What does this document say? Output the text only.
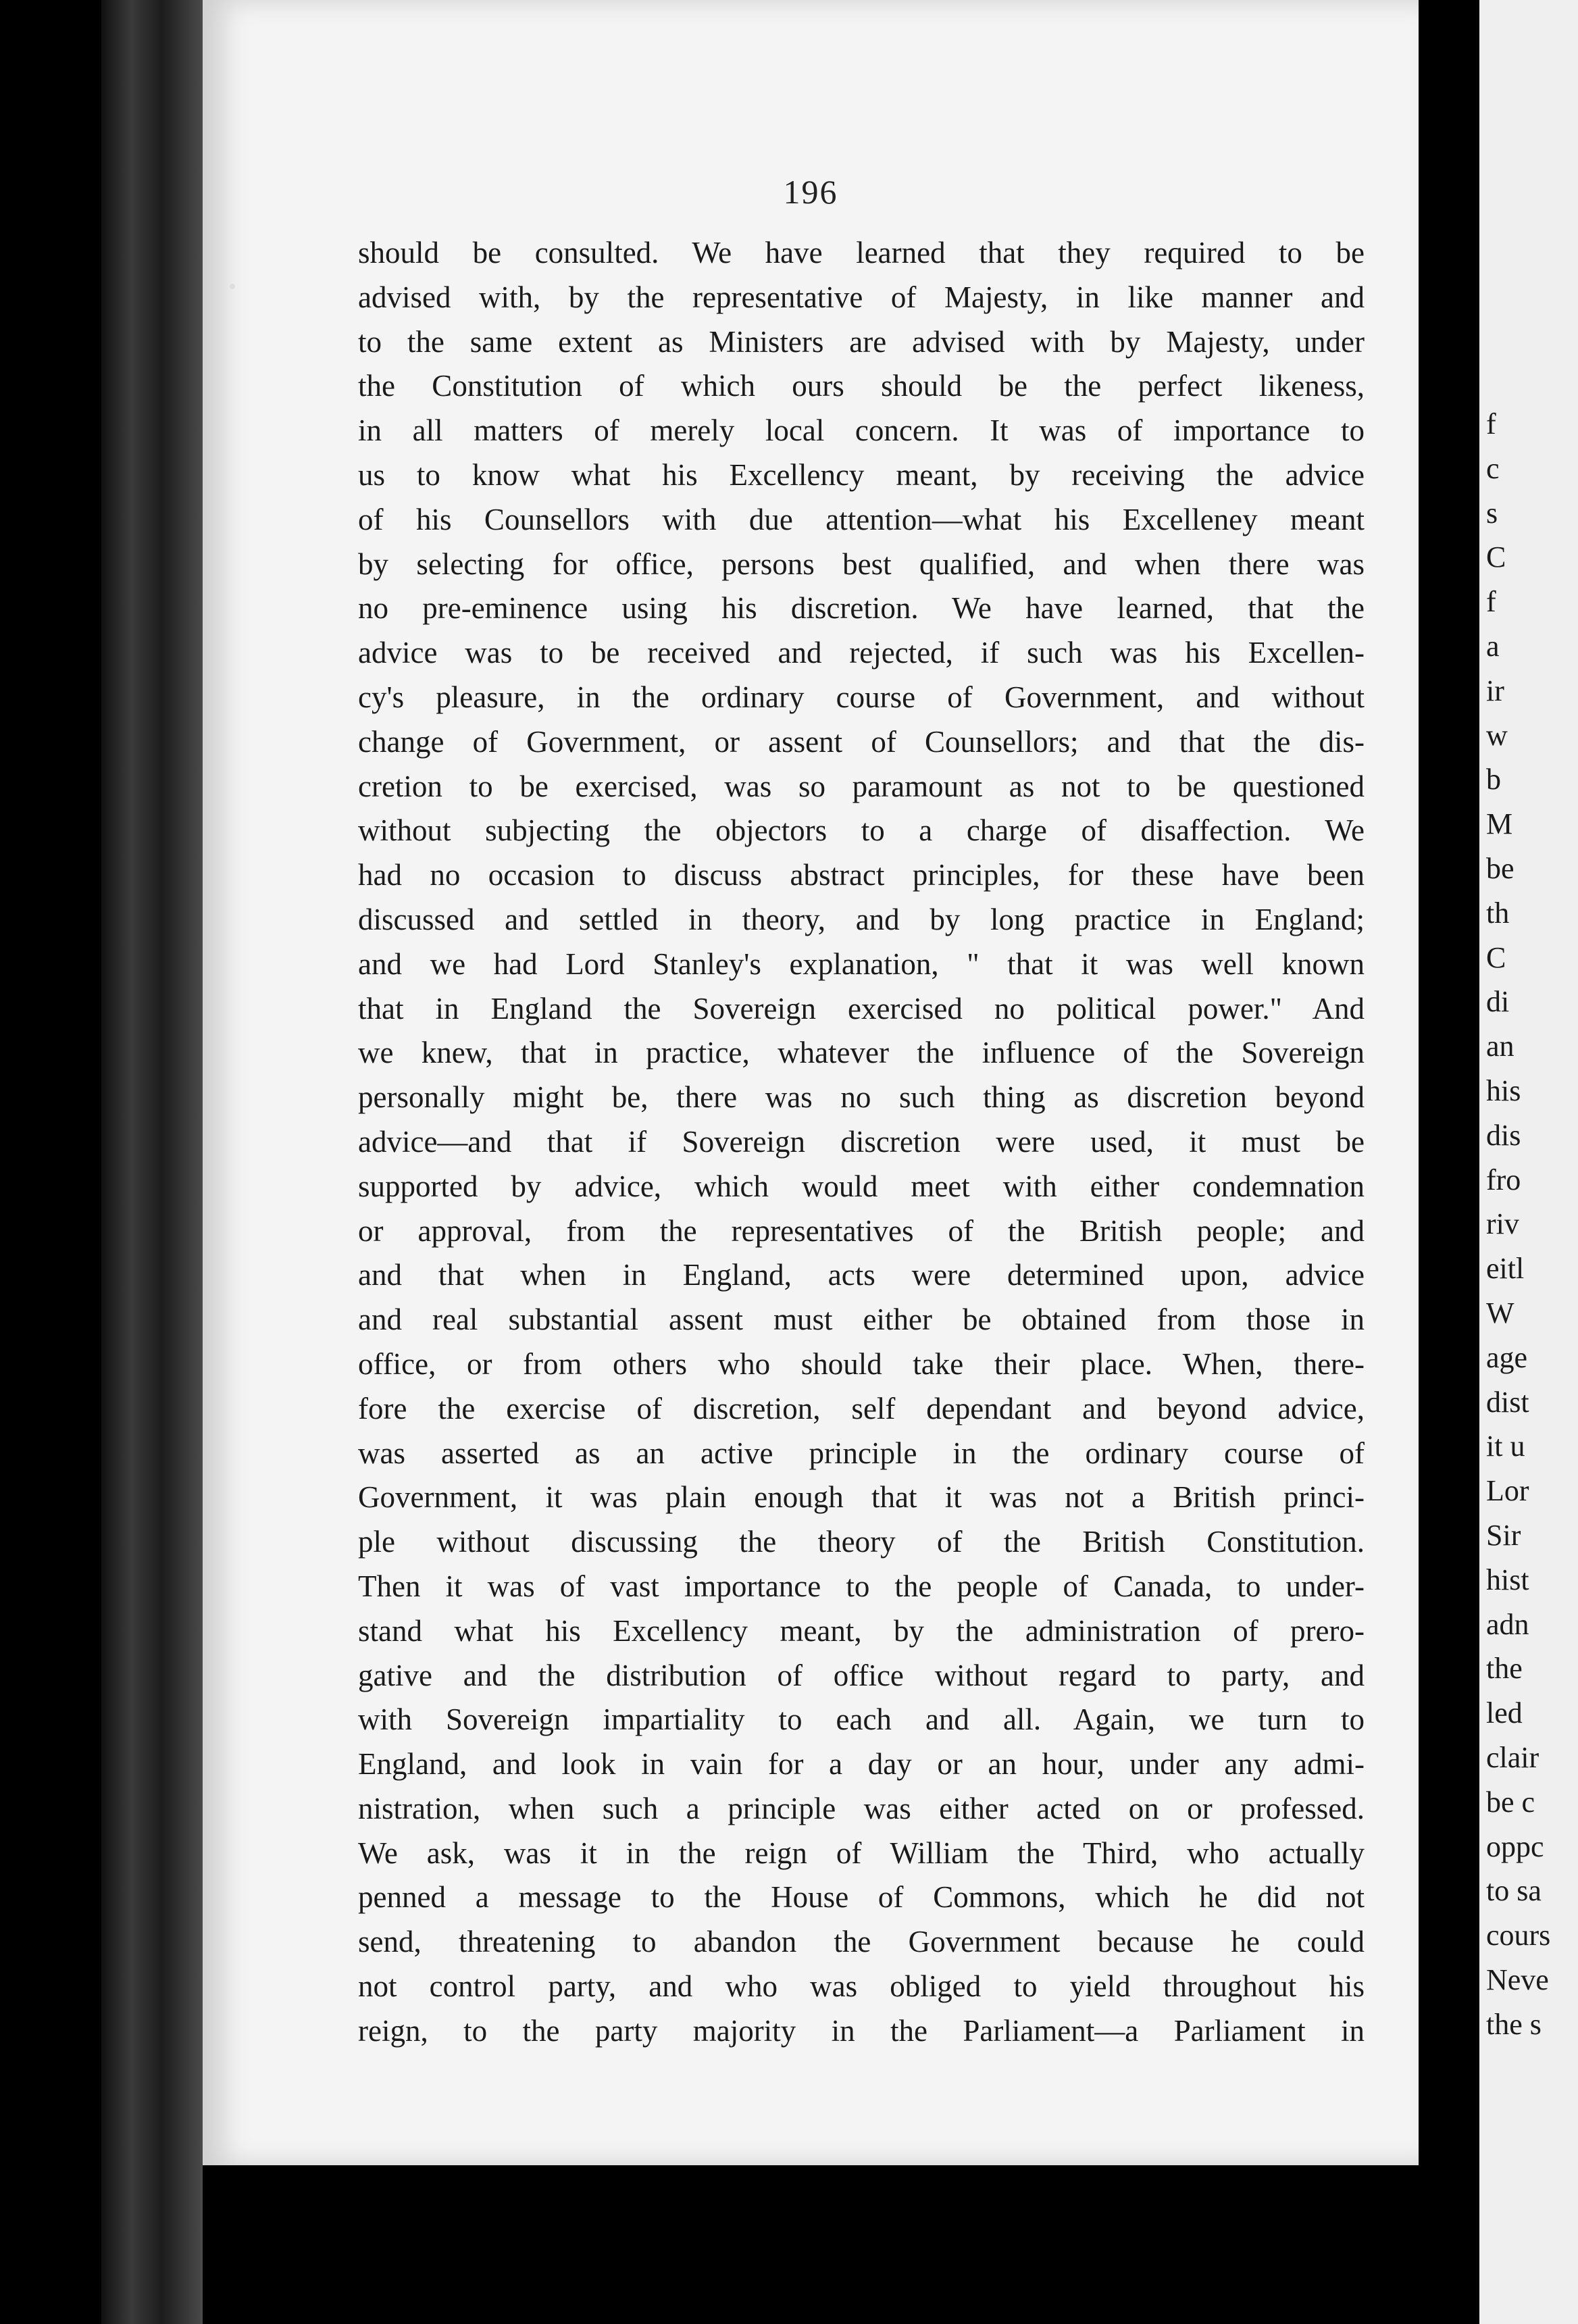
196
should be consulted. We have learned that they required to be
advised with, by the representative of Majesty, in like manner and
to the same extent as Ministers are advised with by Majesty, under
the Constitution of which ours should be the perfect likeness,
in all matters of merely local concern. It was of importance to
us to know what his Excellency meant, by receiving the advice
of his Counsellors with due attention—what his Excelleney meant
by selecting for office, persons best qualified, and when there was
no pre-eminence using his discretion. We have learned, that the
advice was to be received and rejected, if such was his Excellen-
cy's pleasure, in the ordinary course of Government, and without
change of Government, or assent of Counsellors; and that the dis-
cretion to be exercised, was so paramount as not to be questioned
without subjecting the objectors to a charge of disaffection. We
had no occasion to discuss abstract principles, for these have been
discussed and settled in theory, and by long practice in England;
and we had Lord Stanley's explanation, " that it was well known
that in England the Sovereign exercised no political power." And
we knew, that in practice, whatever the influence of the Sovereign
personally might be, there was no such thing as discretion beyond
advice—and that if Sovereign discretion were used, it must be
supported by advice, which would meet with either condemnation
or approval, from the representatives of the British people; and
and that when in England, acts were determined upon, advice
and real substantial assent must either be obtained from those in
office, or from others who should take their place. When, there-
fore the exercise of discretion, self dependant and beyond advice,
was asserted as an active principle in the ordinary course of
Government, it was plain enough that it was not a British princi-
ple without discussing the theory of the British Constitution.
Then it was of vast importance to the people of Canada, to under-
stand what his Excellency meant, by the administration of prero-
gative and the distribution of office without regard to party, and
with Sovereign impartiality to each and all. Again, we turn to
England, and look in vain for a day or an hour, under any admi-
nistration, when such a principle was either acted on or professed.
We ask, was it in the reign of William the Third, who actually
penned a message to the House of Commons, which he did not
send, threatening to abandon the Government because he could
not control party, and who was obliged to yield throughout his
reign, to the party majority in the Parliament—a Parliament in
f
c
s
C
f
a
ir
w
b
M
be
th
C
di
an
his
dis
fro
riv
eitl
W
age
dist
it u
Lor
Sir
hist
adn
the
led
clair
be c
oppc
to sa
cours
Neve
the s
